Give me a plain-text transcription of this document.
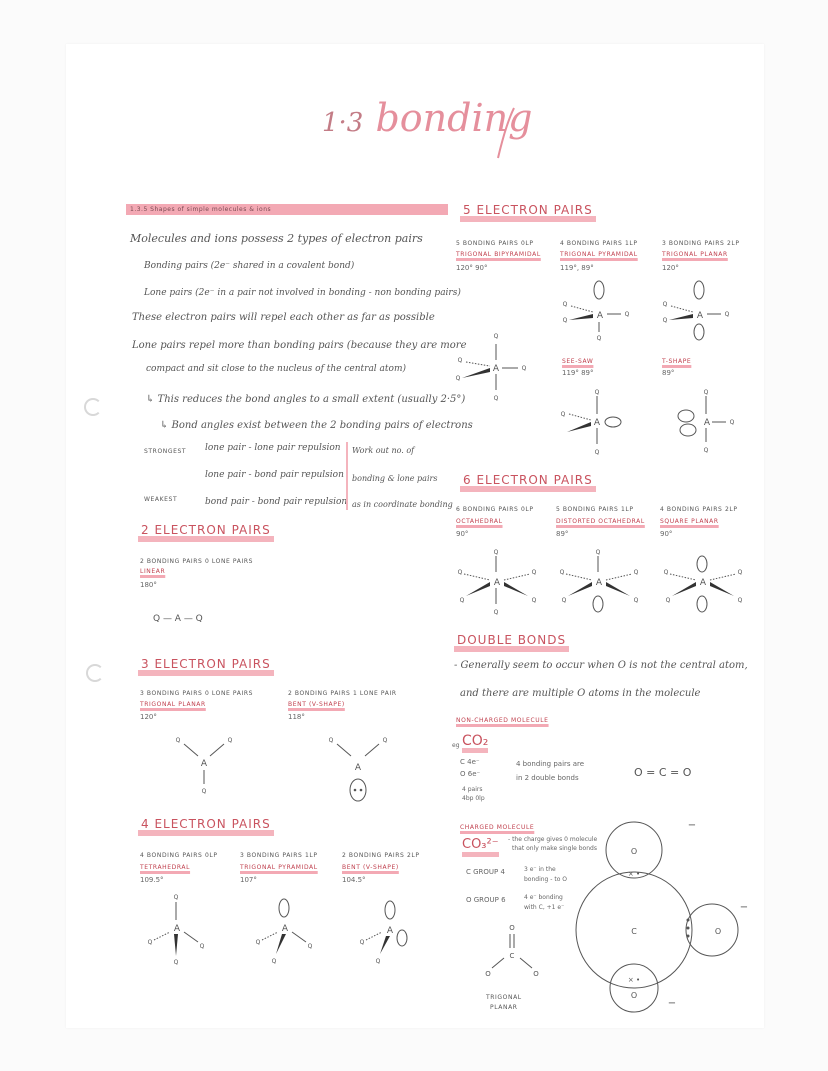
1·3 bonding
1.3.5 Shapes of simple molecules & ions
Molecules and ions possess 2 types of electron pairs
Bonding pairs (2e⁻ shared in a covalent bond)
Lone pairs (2e⁻ in a pair not involved in bonding - non bonding pairs)
These electron pairs will repel each other as far as possible
Lone pairs repel more than bonding pairs (because they are more
compact and sit close to the nucleus of the central atom)
↳ This reduces the bond angles to a small extent (usually 2·5°)
↳ Bond angles exist between the 2 bonding pairs of electrons
STRONGEST
WEAKEST
lone pair - lone pair repulsion
lone pair - bond pair repulsion
bond pair - bond pair repulsion
Work out no. of
bonding & lone pairs
as in coordinate bonding
2 ELECTRON PAIRS
2 BONDING PAIRS 0 LONE PAIRS
LINEAR
180°
Q — A — Q
3 ELECTRON PAIRS
3 BONDING PAIRS 0 LONE PAIRS
TRIGONAL PLANAR
120°
2 BONDING PAIRS 1 LONE PAIR
BENT (V-SHAPE)
118°
Q	Q
A
Q
Q	Q
A
4 ELECTRON PAIRS
4 BONDING PAIRS 0LP
TETRAHEDRAL
109.5°
3 BONDING PAIRS 1LP
TRIGONAL PYRAMIDAL
107°
2 BONDING PAIRS 2LP
BENT (V-SHAPE)
104.5°
Q
A
Q
Q
Q
A
Q
Q
Q
A
Q
Q
5 ELECTRON PAIRS
5 BONDING PAIRS 0LP
TRIGONAL BIPYRAMIDAL
120° 90°
4 BONDING PAIRS 1LP
TRIGONAL PYRAMIDAL
119°, 89°
3 BONDING PAIRS 2LP
TRIGONAL PLANAR
120°
Q
A	Q
Q
Q
Q
A	Q
Q
Q
Q
A	Q
Q
Q
SEE-SAW
119° 89°
T-SHAPE
89°
Q
A
Q
Q
Q
A	Q
Q
6 ELECTRON PAIRS
6 BONDING PAIRS 0LP
OCTAHEDRAL
90°
5 BONDING PAIRS 1LP
DISTORTED OCTAHEDRAL
89°
4 BONDING PAIRS 2LP
SQUARE PLANAR
90°
Q
A
Q	Q
Q	Q
Q
Q
A
Q	Q
Q	Q
A
Q	Q
Q	Q
DOUBLE BONDS
- Generally seem to occur when O is not the central atom,
and there are multiple O atoms in the molecule
NON-CHARGED MOLECULE
eg CO₂
C 4e⁻
O 6e⁻
4 pairs
4bp 0lp
4 bonding pairs are
in 2 double bonds	O = C = O
CHARGED MOLECULE
CO₃²⁻ - the charge gives 0 molecule
that only make single bonds
C GROUP 4	3 e⁻ in the
bonding - to O
O GROUP 6	4 e⁻ bonding
with C, +1 e⁻
O
C
O	O
TRIGONAL
PLANAR
C
O
O
O
× •
× •
−
−
−
